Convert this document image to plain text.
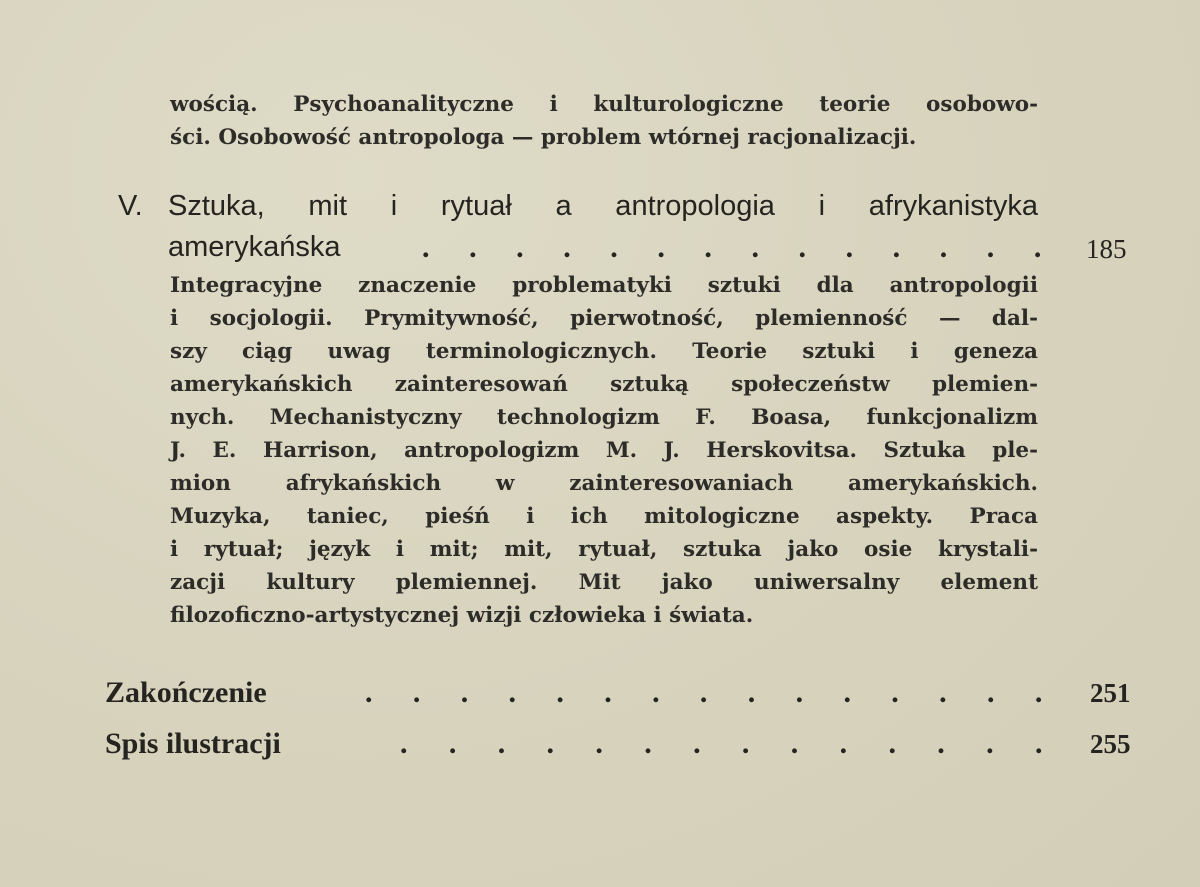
wością. Psychoanalityczne i kulturologiczne teorie osobowo-
ści. Osobowość antropologa — problem wtórnej racjonalizacji.
V. Sztuka, mit i rytuał a antropologia i afrykanistyka
amerykańska	. . . . . . . . . . . . . . 185
Integracyjne znaczenie problematyki sztuki dla antropologii
i socjologii. Prymitywność, pierwotność, plemienność — dal-
szy ciąg uwag terminologicznych. Teorie sztuki i geneza
amerykańskich zainteresowań sztuką społeczeństw plemien-
nych. Mechanistyczny technologizm F. Boasa, funkcjonalizm
J. E. Harrison, antropologizm M. J. Herskovitsa. Sztuka ple-
mion afrykańskich w zainteresowaniach amerykańskich.
Muzyka, taniec, pieśń i ich mitologiczne aspekty. Praca
i rytuał; język i mit; mit, rytuał, sztuka jako osie krystali-
zacji kultury plemiennej. Mit jako uniwersalny element
filozoficzno-artystycznej wizji człowieka i świata.
Zakończenie	. . . . . . . . . . . . . . . 251
Spis ilustracji	. . . . . . . . . . . . . . 255
